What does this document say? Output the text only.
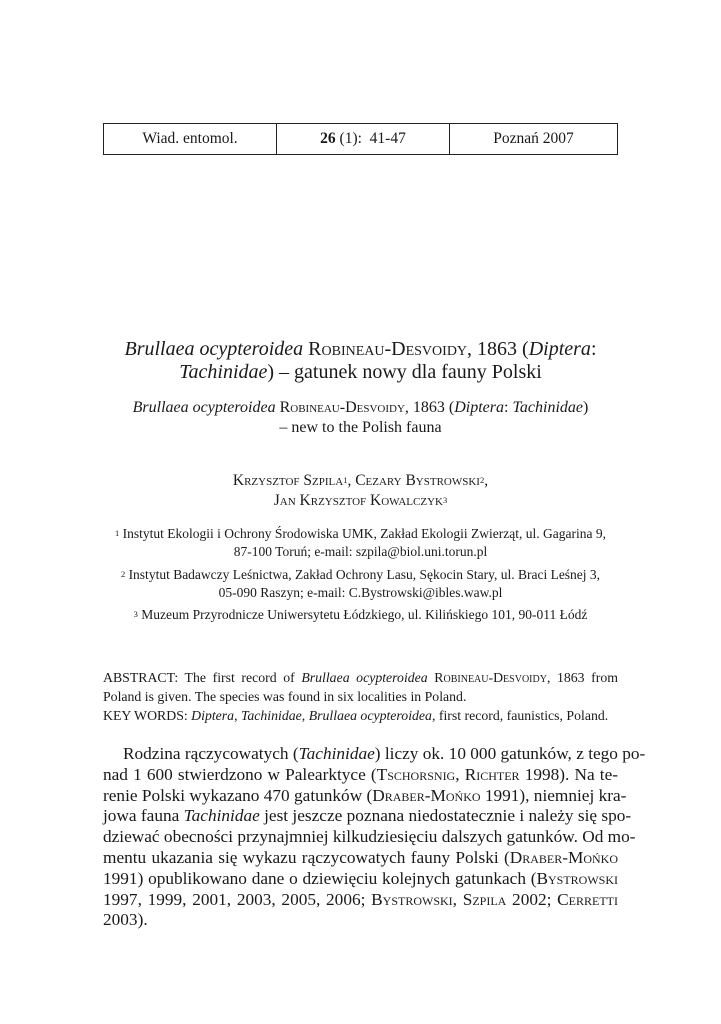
Wiad. entomol.	26 (1):  41-47	Poznań 2007
Brullaea ocypteroidea Robineau-Desvoidy, 1863 (Diptera:
Tachinidae) – gatunek nowy dla fauny Polski
Brullaea ocypteroidea Robineau-Desvoidy, 1863 (Diptera: Tachinidae)
– new to the Polish fauna
Krzysztof Szpila$^1$, Cezary Bystrowski$^2$,
Jan Krzysztof Kowalczyk$^3$
$^1$ Instytut Ekologii i Ochrony Środowiska UMK, Zakład Ekologii Zwierząt, ul. Gagarina 9,
87-100 Toruń; e-mail: szpila@biol.uni.torun.pl
$^2$ Instytut Badawczy Leśnictwa, Zakład Ochrony Lasu, Sękocin Stary, ul. Braci Leśnej 3,
05-090 Raszyn; e-mail: C.Bystrowski@ibles.waw.pl
$^3$ Muzeum Przyrodnicze Uniwersytetu Łódzkiego, ul. Kilińskiego 101, 90-011 Łódź
ABSTRACT: The first record of Brullaea ocypteroidea Robineau-Desvoidy, 1863 from Poland is given. The species was found in six localities in Poland.
KEY WORDS: Diptera, Tachinidae, Brullaea ocypteroidea, first record, faunistics, Poland.
Rodzina rączycowatych (Tachinidae) liczy ok. 10 000 gatunków, z tego po-
nad 1 600 stwierdzono w Palearktyce (Tschorsnig, Richter 1998). Na te-
renie Polski wykazano 470 gatunków (Draber-Mońko 1991), niemniej kra-
jowa fauna Tachinidae jest jeszcze poznana niedostatecznie i należy się spo-
dziewać obecności przynajmniej kilkudziesięciu dalszych gatunków. Od mo-
mentu ukazania się wykazu rączycowatych fauny Polski (Draber-Mońko
1991) opublikowano dane o dziewięciu kolejnych gatunkach (Bystrowski
1997, 1999, 2001, 2003, 2005, 2006; Bystrowski, Szpila 2002; Cerretti
2003).
